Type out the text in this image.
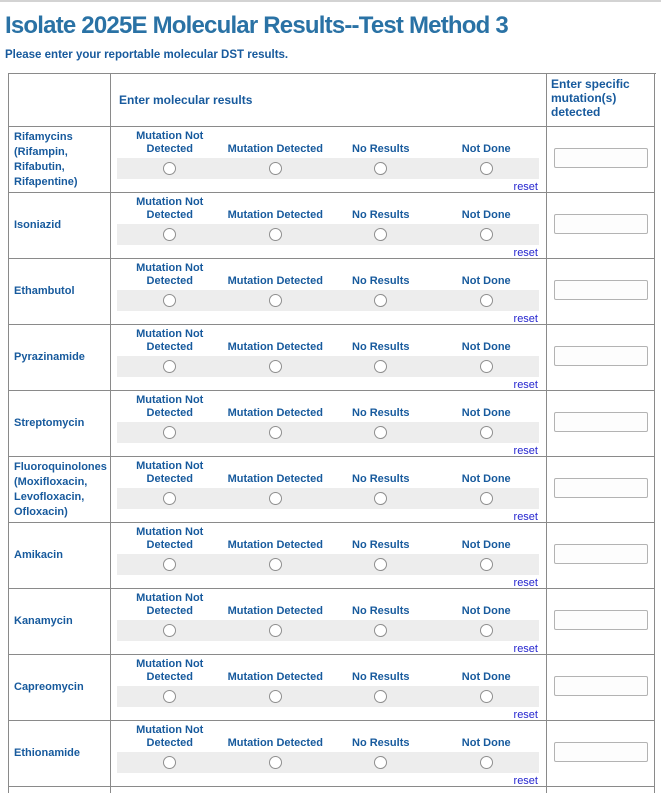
Isolate 2025E Molecular Results--Test Method 3

Please enter your reportable molecular DST results.

Enter molecular results
Enter specific mutation(s) detected
Rifamycins (Rifampin, Rifabutin, Rifapentine)
Mutation Not Detected	Mutation Detected	No Results	Not Done
reset
Isoniazid
Mutation Not Detected	Mutation Detected	No Results	Not Done
reset
Ethambutol
Mutation Not Detected	Mutation Detected	No Results	Not Done
reset
Pyrazinamide
Mutation Not Detected	Mutation Detected	No Results	Not Done
reset
Streptomycin
Mutation Not Detected	Mutation Detected	No Results	Not Done
reset
Fluoroquinolones (Moxifloxacin, Levofloxacin, Ofloxacin)
Mutation Not Detected	Mutation Detected	No Results	Not Done
reset
Amikacin
Mutation Not Detected	Mutation Detected	No Results	Not Done
reset
Kanamycin
Mutation Not Detected	Mutation Detected	No Results	Not Done
reset
Capreomycin
Mutation Not Detected	Mutation Detected	No Results	Not Done
reset
Ethionamide
Mutation Not Detected	Mutation Detected	No Results	Not Done
reset
